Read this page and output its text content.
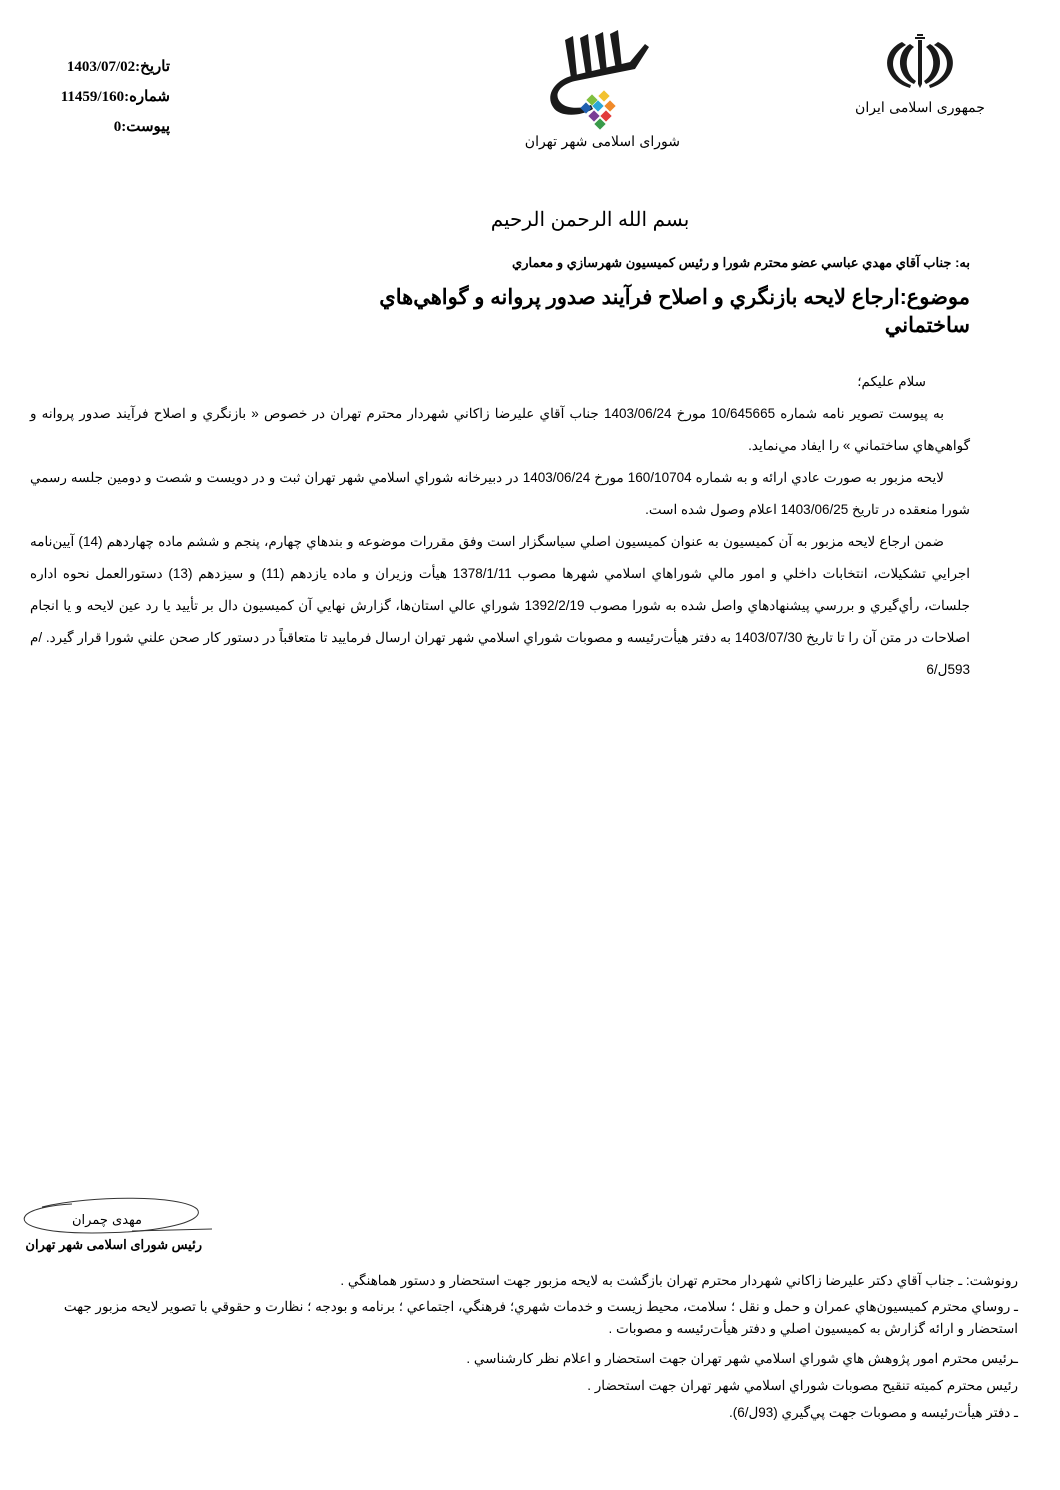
تاریخ:1403/07/02
شماره:11459/160
پیوست:0
شورای اسلامی شهر تهران
جمهوری اسلامی ایران
بسم الله الرحمن الرحيم
به: جناب آقاي مهدي عباسي عضو محترم شورا و رئيس كميسيون شهرسازي و معماري
موضوع:ارجاع لايحه بازنگري و اصلاح فرآيند صدور پروانه و گواهي‌هاي ساختماني

سلام عليكم؛

به پيوست تصوير نامه شماره 10/645665 مورخ 1403/06/24 جناب آقاي عليرضا زاكاني شهردار محترم تهران در خصوص « بازنگري و اصلاح فرآيند صدور پروانه و گواهي‌هاي ساختماني » را ايفاد مي‌نمايد.

لايحه مزبور به صورت عادي ارائه و به شماره 160/10704 مورخ 1403/06/24 در دبيرخانه شوراي اسلامي شهر تهران ثبت و در دويست و شصت و دومين جلسه رسمي شورا منعقده در تاريخ 1403/06/25 اعلام وصول شده است.

ضمن ارجاع لايحه مزبور به آن كميسيون به عنوان كميسيون اصلي سياسگزار است وفق مقررات موضوعه و بندهاي چهارم، پنجم و ششم ماده چهاردهم (14) آيين‌نامه اجرايي تشكيلات، انتخابات داخلي و امور مالي شوراهاي اسلامي شهرها مصوب 1378/1/11 هيأت وزيران و ماده يازدهم (11) و سيزدهم (13) دستورالعمل نحوه اداره جلسات، رأي‌گيري و بررسي پيشنهادهاي واصل شده به شورا مصوب 1392/2/19 شوراي عالي استان‌ها، گزارش نهايي آن كميسيون دال بر تأييد يا رد عين لايحه و يا انجام اصلاحات در متن آن را تا تاريخ 1403/07/30 به دفتر هيأت‌رئيسه و مصوبات شوراي اسلامي شهر تهران ارسال فرماييد تا متعاقباً در دستور كار صحن علني شورا قرار گيرد. /م 593ل/6

مهدی چمران
رئیس شورای اسلامی شهر تهران
رونوشت: ـ جناب آقاي دكتر عليرضا زاكاني شهردار محترم تهران بازگشت به لايحه مزبور جهت استحضار و دستور هماهنگي .
ـ روساي محترم كميسيون‌هاي عمران و حمل و نقل ؛ سلامت، محيط زيست و خدمات شهري؛ فرهنگي، اجتماعي ؛ برنامه و بودجه ؛ نظارت و حقوقي با تصوير لايحه مزبور جهت استحضار و ارائه گزارش به كميسيون اصلي و دفتر هيأت‌رئيسه و مصوبات .
ـرئيس محترم امور پژوهش هاي شوراي اسلامي شهر تهران جهت استحضار و اعلام نظر كارشناسي .
رئيس محترم كميته تنقيح مصوبات شوراي اسلامي شهر تهران جهت استحضار .
ـ دفتر هيأت‌رئيسه و مصوبات جهت پي‌گيري (93ل/6).
